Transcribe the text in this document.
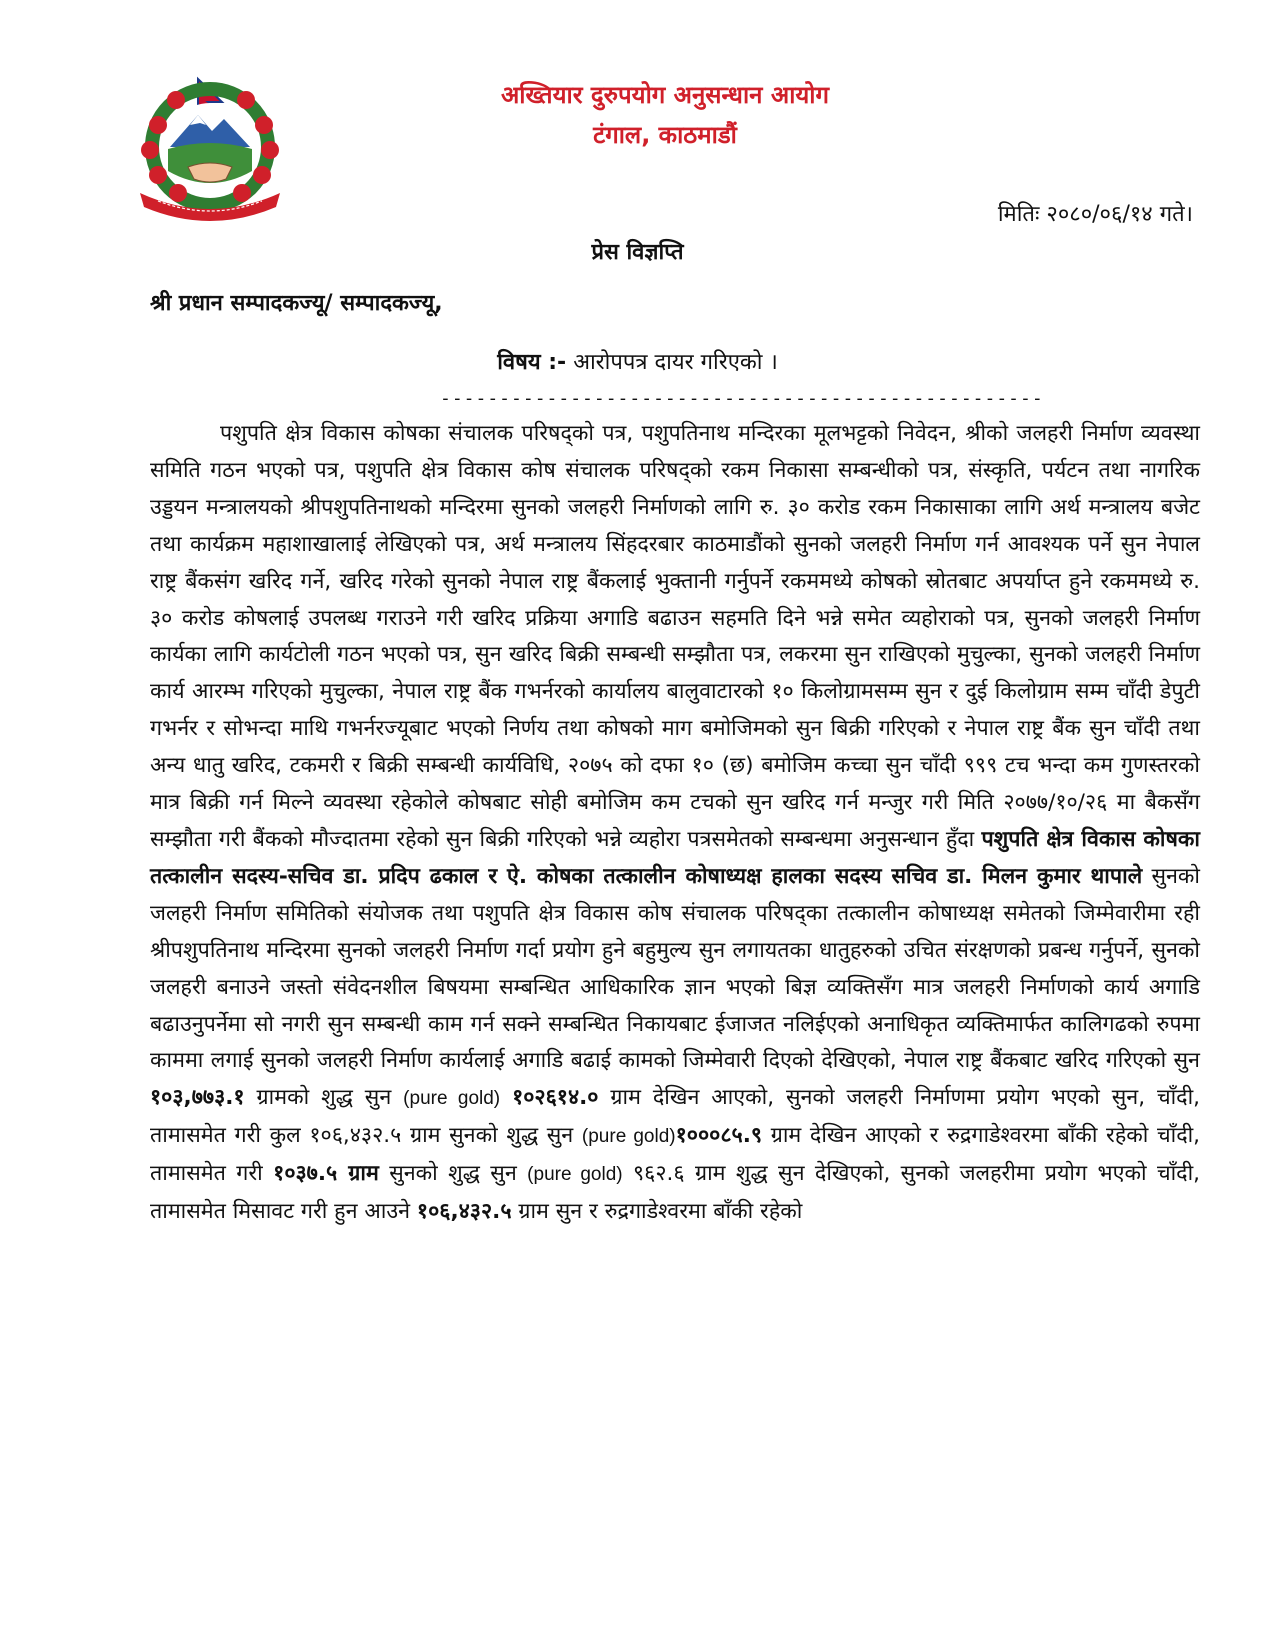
अख्तियार दुरुपयोग अनुसन्धान आयोग
टंगाल, काठमाडौं
मितिः २०८०/०६/१४ गते।
प्रेस विज्ञप्ति
श्री प्रधान सम्पादकज्यू/ सम्पादकज्यू,
विषय :- आरोपपत्र दायर गरिएको ।
---------------------------------------------------

पशुपति क्षेत्र विकास कोषका संचालक परिषद्को पत्र, पशुपतिनाथ मन्दिरका मूलभट्टको निवेदन, श्रीको जलहरी निर्माण व्यवस्था समिति गठन भएको पत्र, पशुपति क्षेत्र विकास कोष संचालक परिषद्को रकम निकासा सम्बन्धीको पत्र, संस्कृति, पर्यटन तथा नागरिक उड्डयन मन्त्रालयको श्रीपशुपतिनाथको मन्दिरमा सुनको जलहरी निर्माणको लागि रु. ३० करोड रकम निकासाका लागि अर्थ मन्त्रालय बजेट तथा कार्यक्रम महाशाखालाई लेखिएको पत्र, अर्थ मन्त्रालय सिंहदरबार काठमाडौंको सुनको जलहरी निर्माण गर्न आवश्यक पर्ने सुन नेपाल राष्ट्र बैंकसंग खरिद गर्ने, खरिद गरेको सुनको नेपाल राष्ट्र बैंकलाई भुक्तानी गर्नुपर्ने रकममध्ये कोषको स्रोतबाट अपर्याप्त हुने रकममध्ये रु. ३० करोड कोषलाई उपलब्ध गराउने गरी खरिद प्रक्रिया अगाडि बढाउन सहमति दिने भन्ने समेत व्यहोराको पत्र, सुनको जलहरी निर्माण कार्यका लागि कार्यटोली गठन भएको पत्र, सुन खरिद बिक्री सम्बन्धी सम्झौता पत्र, लकरमा सुन राखिएको मुचुल्का, सुनको जलहरी निर्माण कार्य आरम्भ गरिएको मुचुल्का, नेपाल राष्ट्र बैंक गभर्नरको कार्यालय बालुवाटारको १० किलोग्रामसम्म सुन र दुई किलोग्राम सम्म चाँदी डेपुटी गभर्नर र सोभन्दा माथि गभर्नरज्यूबाट भएको निर्णय तथा कोषको माग बमोजिमको सुन बिक्री गरिएको र नेपाल राष्ट्र बैंक सुन चाँदी तथा अन्य धातु खरिद, टकमरी र बिक्री सम्बन्धी कार्यविधि, २०७५ को दफा १० (छ) बमोजिम कच्चा सुन चाँदी ९९९ टच भन्दा कम गुणस्तरको मात्र बिक्री गर्न मिल्ने व्यवस्था रहेकोले कोषबाट सोही बमोजिम कम टचको सुन खरिद गर्न मन्जुर गरी मिति २०७७/१०/२६ मा बैकसँग सम्झौता गरी बैंकको मौज्दातमा रहेको सुन बिक्री गरिएको भन्ने व्यहोरा पत्रसमेतको सम्बन्धमा अनुसन्धान हुँदा पशुपति क्षेत्र विकास कोषका तत्कालीन सदस्य-सचिव डा. प्रदिप ढकाल र ऐ. कोषका तत्कालीन कोषाध्यक्ष हालका सदस्य सचिव डा. मिलन कुमार थापाले सुनको जलहरी निर्माण समितिको संयोजक तथा पशुपति क्षेत्र विकास कोष संचालक परिषद्का तत्कालीन कोषाध्यक्ष समेतको जिम्मेवारीमा रही श्रीपशुपतिनाथ मन्दिरमा सुनको जलहरी निर्माण गर्दा प्रयोग हुने बहुमुल्य सुन लगायतका धातुहरुको उचित संरक्षणको प्रबन्ध गर्नुपर्ने, सुनको जलहरी बनाउने जस्तो संवेदनशील बिषयमा सम्बन्धित आधिकारिक ज्ञान भएको बिज्ञ व्यक्तिसँग मात्र जलहरी निर्माणको कार्य अगाडि बढाउनुपर्नेमा सो नगरी सुन सम्बन्धी काम गर्न सक्ने सम्बन्धित निकायबाट ईजाजत नलिईएको अनाधिकृत व्यक्तिमार्फत कालिगढको रुपमा काममा लगाई सुनको जलहरी निर्माण कार्यलाई अगाडि बढाई कामको जिम्मेवारी दिएको देखिएको, नेपाल राष्ट्र बैंकबाट खरिद गरिएको सुन १०३,७७३.१ ग्रामको शुद्ध सुन (pure gold) १०२६१४.० ग्राम देखिन आएको, सुनको जलहरी निर्माणमा प्रयोग भएको सुन, चाँदी, तामासमेत गरी कुल १०६,४३२.५ ग्राम सुनको शुद्ध सुन (pure gold)१०००८५.९ ग्राम देखिन आएको र रुद्रगाडेश्वरमा बाँकी रहेको चाँदी, तामासमेत गरी १०३७.५ ग्राम सुनको शुद्ध सुन (pure gold) ९६२.६ ग्राम शुद्ध सुन देखिएको, सुनको जलहरीमा प्रयोग भएको चाँदी, तामासमेत मिसावट गरी हुन आउने १०६,४३२.५ ग्राम सुन र रुद्रगाडेश्वरमा बाँकी रहेको
